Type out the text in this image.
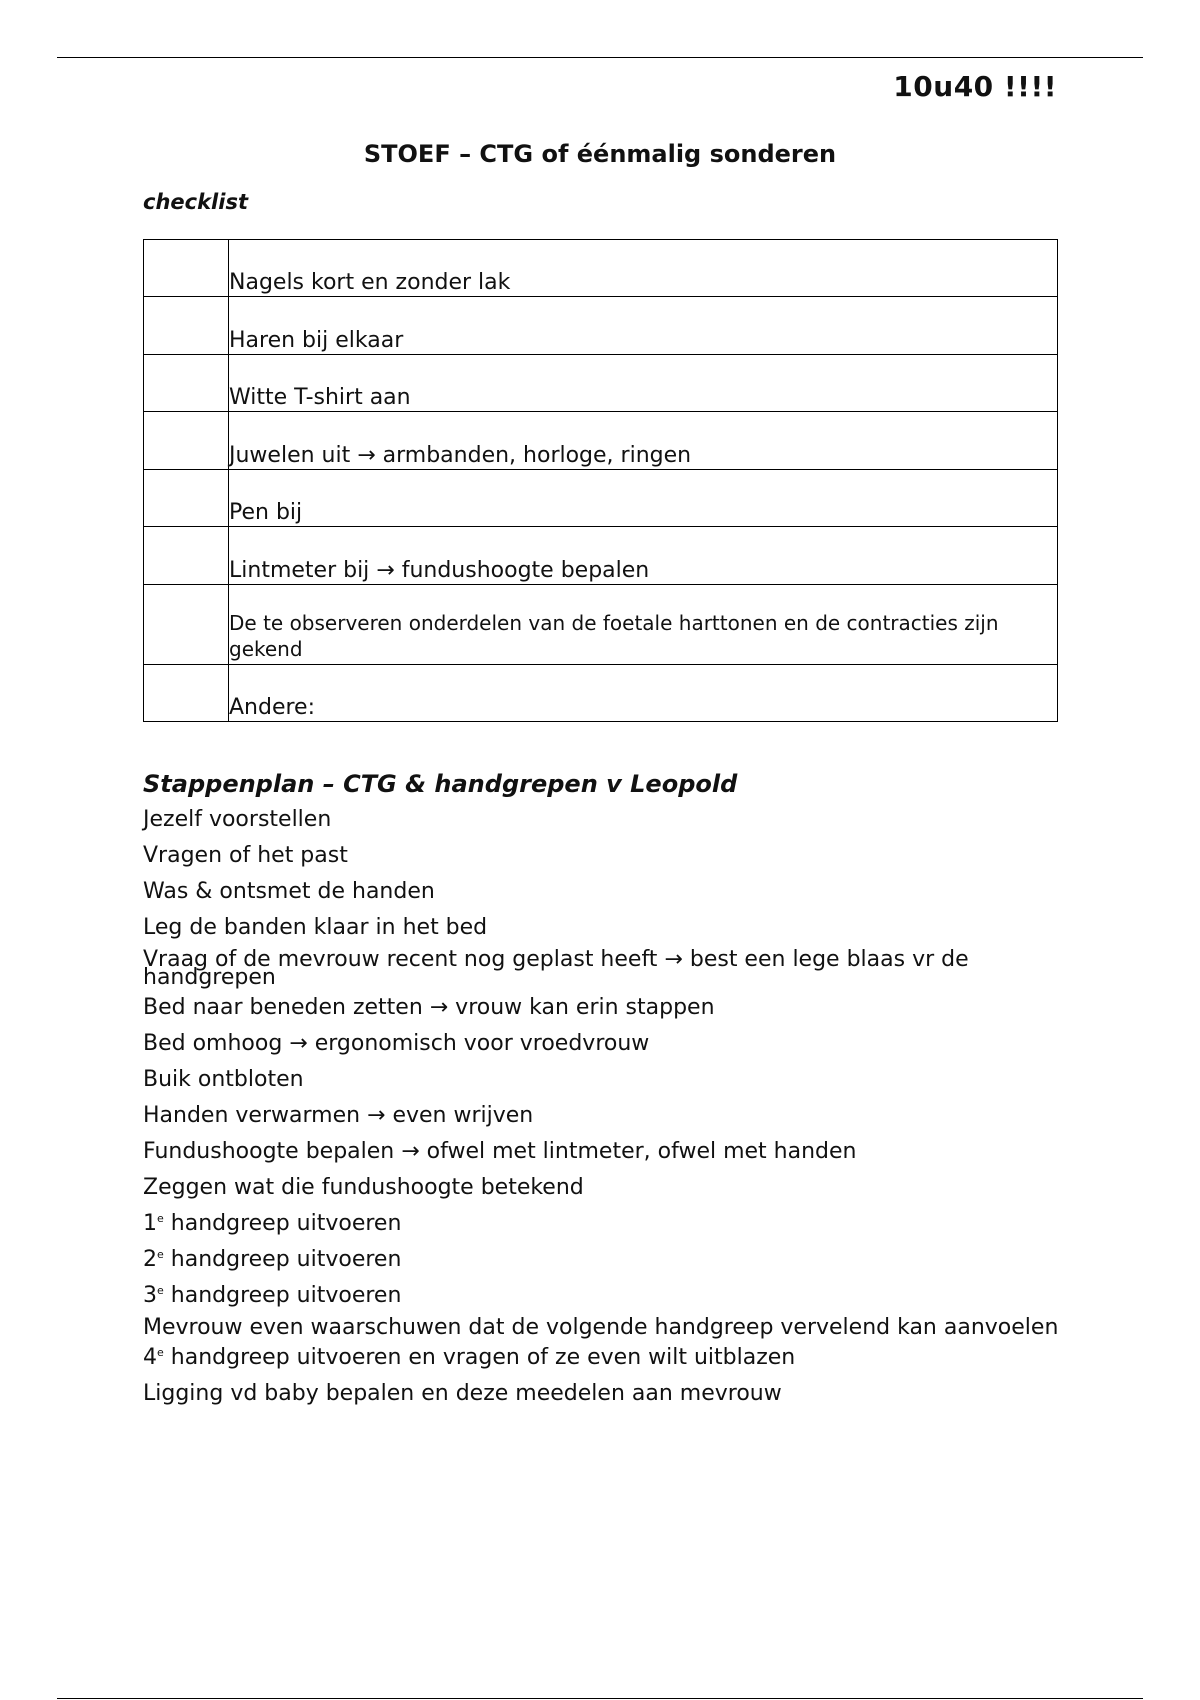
10u40 !!!!
STOEF – CTG of éénmalig sonderen
checklist
	Nagels kort en zonder lak
	Haren bij elkaar
	Witte T-shirt aan
	Juwelen uit → armbanden, horloge, ringen
	Pen bij
	Lintmeter bij → fundushoogte bepalen
	De te observeren onderdelen van de foetale harttonen en de contracties zijn gekend
	Andere:
Stappenplan – CTG & handgrepen v Leopold
Jezelf voorstellen
Vragen of het past
Was & ontsmet de handen
Leg de banden klaar in het bed
Vraag of de mevrouw recent nog geplast heeft → best een lege blaas vr de handgrepen
Bed naar beneden zetten → vrouw kan erin stappen
Bed omhoog → ergonomisch voor vroedvrouw
Buik ontbloten
Handen verwarmen → even wrijven
Fundushoogte bepalen → ofwel met lintmeter, ofwel met handen
Zeggen wat die fundushoogte betekend
1e handgreep uitvoeren
2e handgreep uitvoeren
3e handgreep uitvoeren
Mevrouw even waarschuwen dat de volgende handgreep vervelend kan aanvoelen
4e handgreep uitvoeren en vragen of ze even wilt uitblazen
Ligging vd baby bepalen en deze meedelen aan mevrouw
